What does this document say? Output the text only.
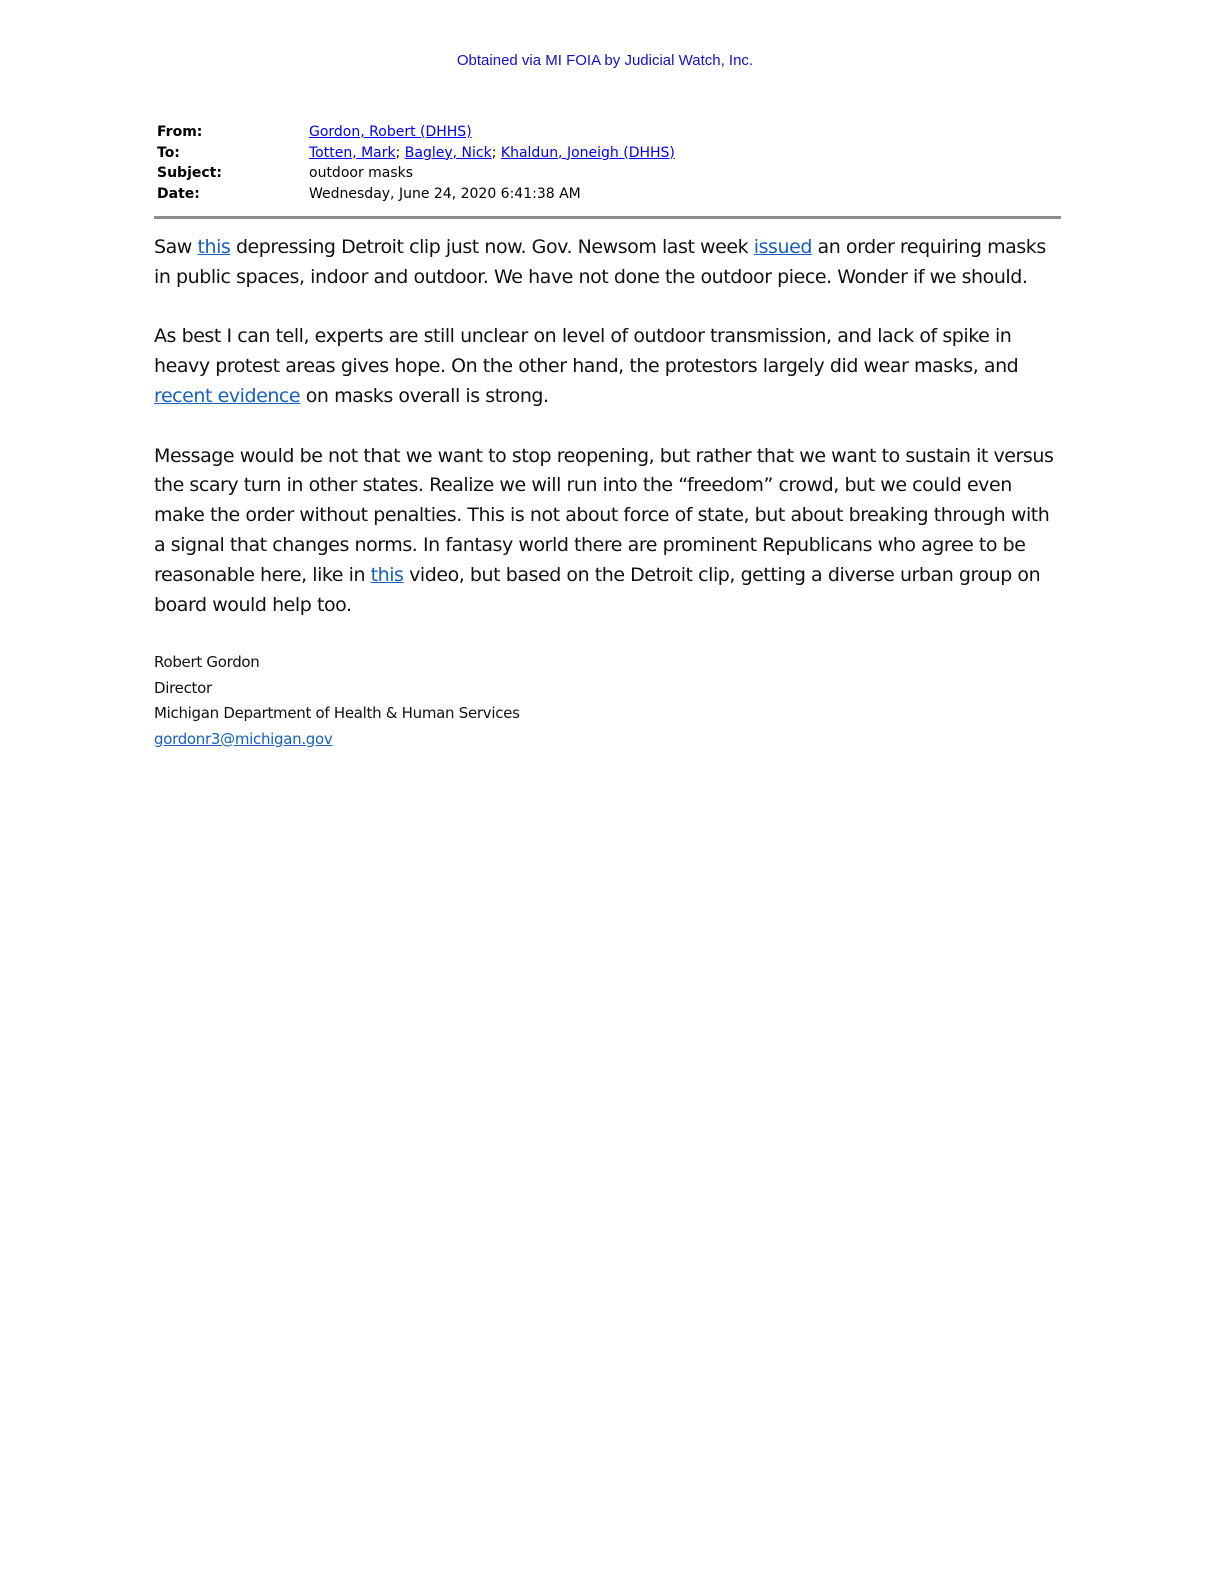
Obtained via MI FOIA by Judicial Watch, Inc.
From:	Gordon, Robert (DHHS)
To:	Totten, Mark; Bagley, Nick; Khaldun, Joneigh (DHHS)
Subject:	outdoor masks
Date:	Wednesday, June 24, 2020 6:41:38 AM

Saw this depressing Detroit clip just now. Gov. Newsom last week issued an order requiring masks in public spaces, indoor and outdoor. We have not done the outdoor piece. Wonder if we should.

As best I can tell, experts are still unclear on level of outdoor transmission, and lack of spike in heavy protest areas gives hope. On the other hand, the protestors largely did wear masks, and recent evidence on masks overall is strong.

Message would be not that we want to stop reopening, but rather that we want to sustain it versus the scary turn in other states. Realize we will run into the “freedom” crowd, but we could even make the order without penalties. This is not about force of state, but about breaking through with a signal that changes norms. In fantasy world there are prominent Republicans who agree to be reasonable here, like in this video, but based on the Detroit clip, getting a diverse urban group on board would help too.

Robert Gordon
Director
Michigan Department of Health & Human Services
gordonr3@michigan.gov
